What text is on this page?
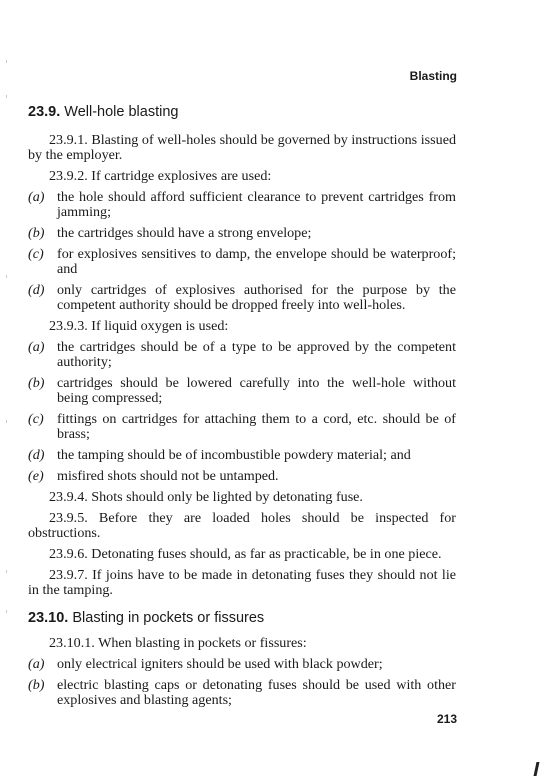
Blasting
23.9. Well-hole blasting

23.9.1. Blasting of well-holes should be governed by instructions issued by the employer.

23.9.2. If cartridge explosives are used:

(a) the hole should afford sufficient clearance to prevent cartridges from jamming;
(b) the cartridges should have a strong envelope;
(c) for explosives sensitives to damp, the envelope should be waterproof; and
(d) only cartridges of explosives authorised for the purpose by the competent authority should be dropped freely into well-holes.

23.9.3. If liquid oxygen is used:

(a) the cartridges should be of a type to be approved by the competent authority;
(b) cartridges should be lowered carefully into the well-hole without being compressed;
(c) fittings on cartridges for attaching them to a cord, etc. should be of brass;
(d) the tamping should be of incombustible powdery material; and
(e) misfired shots should not be untamped.

23.9.4. Shots should only be lighted by detonating fuse.

23.9.5. Before they are loaded holes should be inspected for obstructions.

23.9.6. Detonating fuses should, as far as practicable, be in one piece.

23.9.7. If joins have to be made in detonating fuses they should not lie in the tamping.

23.10. Blasting in pockets or fissures

23.10.1. When blasting in pockets or fissures:

(a) only electrical igniters should be used with black powder;
(b) electric blasting caps or detonating fuses should be used with other explosives and blasting agents;
213
